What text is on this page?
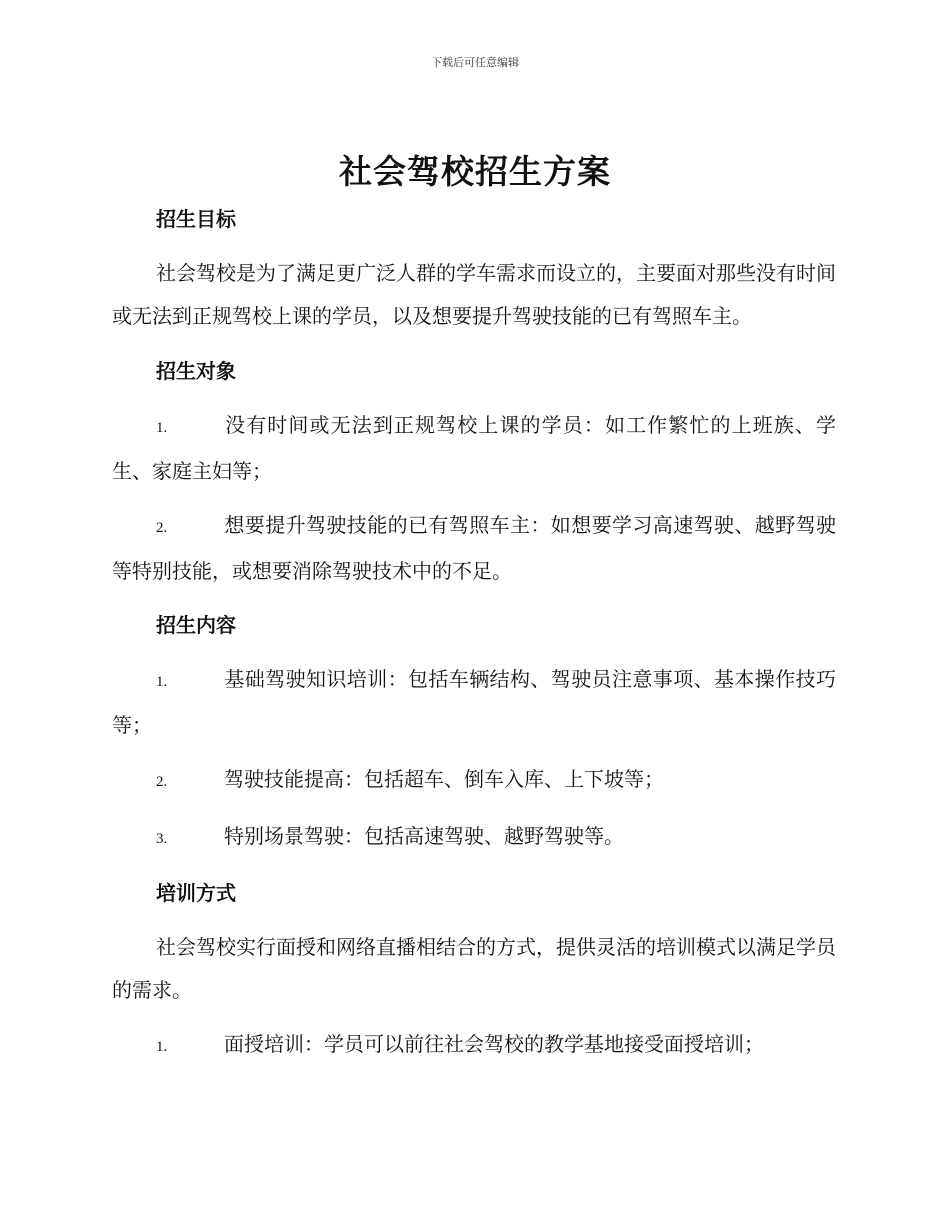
下载后可任意编辑
社会驾校招生方案

招生目标

社会驾校是为了满足更广泛人群的学车需求而设立的，主要面对那些没有时间或无法到正规驾校上课的学员，以及想要提升驾驶技能的已有驾照车主。

招生对象

1.	没有时间或无法到正规驾校上课的学员：如工作繁忙的上班族、学生、家庭主妇等；

2.	想要提升驾驶技能的已有驾照车主：如想要学习高速驾驶、越野驾驶等特别技能，或想要消除驾驶技术中的不足。

招生内容

1.	基础驾驶知识培训：包括车辆结构、驾驶员注意事项、基本操作技巧等；

2.	驾驶技能提高：包括超车、倒车入库、上下坡等；

3.	特别场景驾驶：包括高速驾驶、越野驾驶等。

培训方式

社会驾校实行面授和网络直播相结合的方式，提供灵活的培训模式以满足学员的需求。

1.	面授培训：学员可以前往社会驾校的教学基地接受面授培训；
